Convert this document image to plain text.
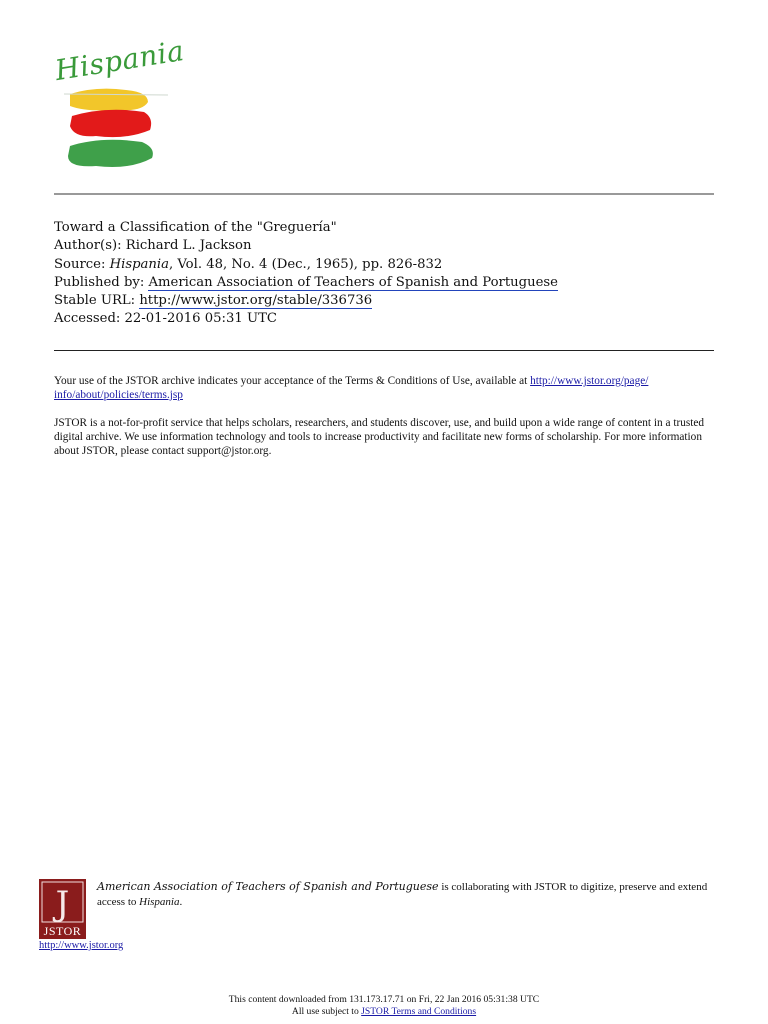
Hispania
Toward a Classification of the "Greguería"
Author(s): Richard L. Jackson
Source: Hispania, Vol. 48, No. 4 (Dec., 1965), pp. 826-832
Published by: American Association of Teachers of Spanish and Portuguese
Stable URL: http://www.jstor.org/stable/336736
Accessed: 22-01-2016 05:31 UTC
Your use of the JSTOR archive indicates your acceptance of the Terms & Conditions of Use, available at http://www.jstor.org/page/
info/about/policies/terms.jsp
JSTOR is a not-for-profit service that helps scholars, researchers, and students discover, use, and build upon a wide range of content in a trusted digital archive. We use information technology and tools to increase productivity and facilitate new forms of scholarship. For more information about JSTOR, please contact support@jstor.org.
J
JSTOR
http://www.jstor.org
American Association of Teachers of Spanish and Portuguese is collaborating with JSTOR to digitize, preserve and extend access to Hispania.
This content downloaded from 131.173.17.71 on Fri, 22 Jan 2016 05:31:38 UTC
All use subject to JSTOR Terms and Conditions
